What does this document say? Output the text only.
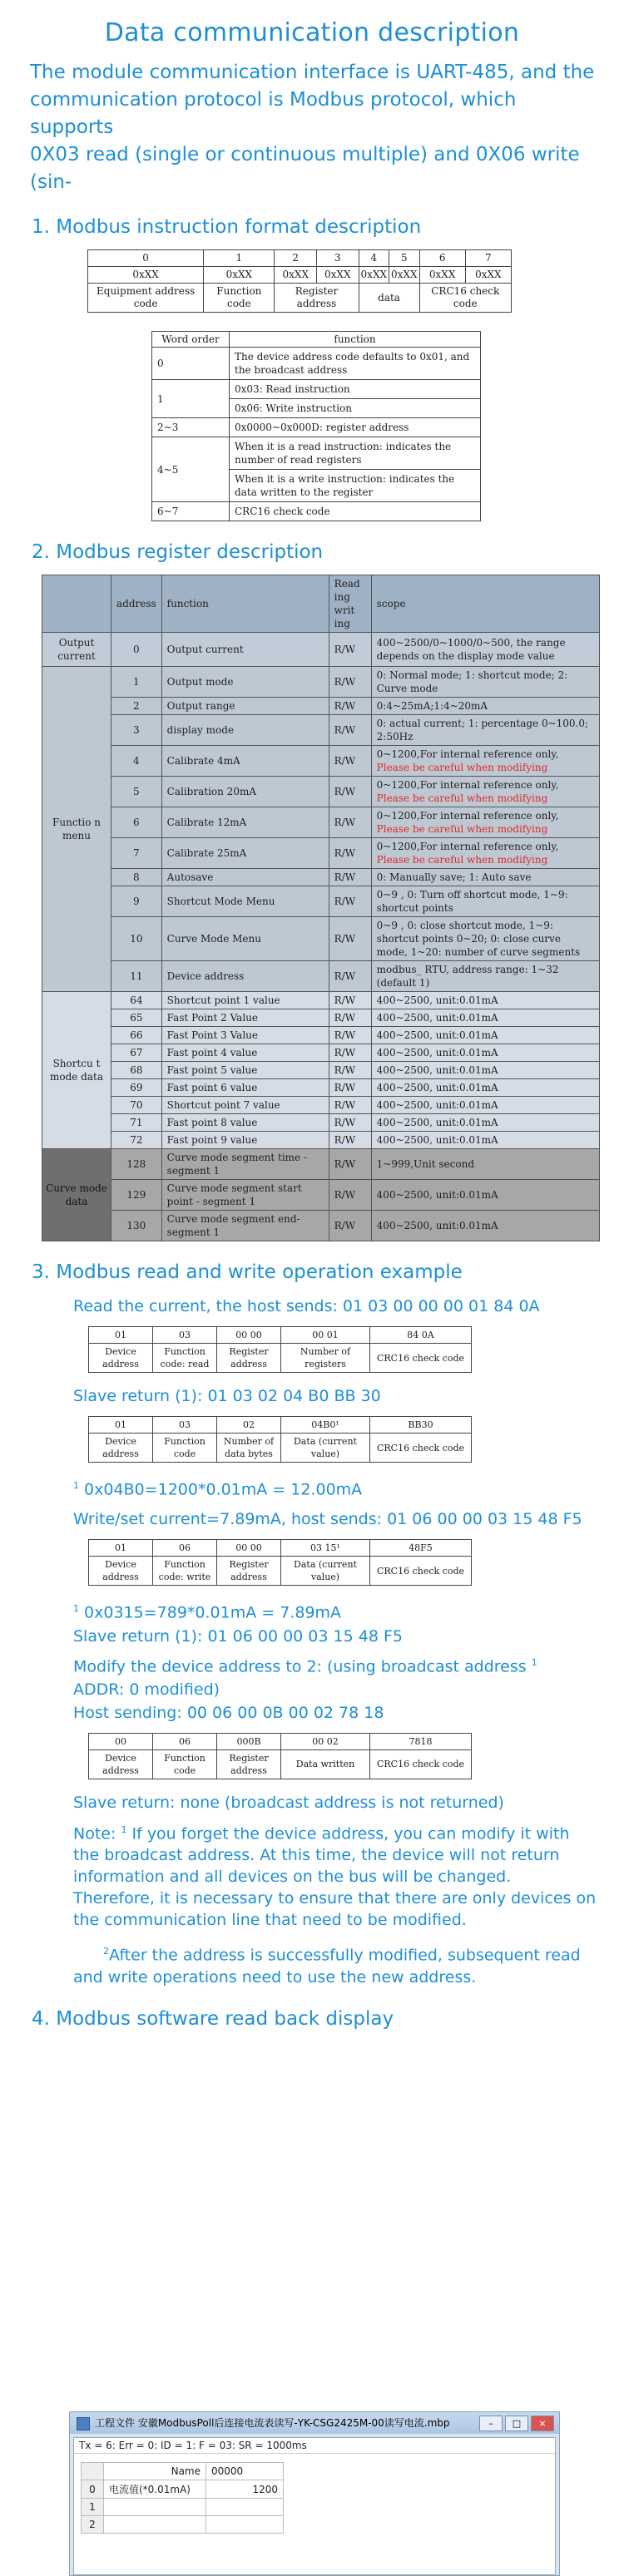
Data communication description
The module communication interface is UART-485, and the
communication protocol is Modbus protocol, which supports
0X03 read (single or continuous multiple) and 0X06 write (sin-
1. Modbus instruction format description
0	1	2	3	4	5	6	7
0xXX	0xXX	0xXX	0xXX	0xXX	0xXX	0xXX	0xXX
Equipment address code	Function code	Register address		data		CRC16 check code	
Word order	function
0	The device address code defaults to 0x01, and the broadcast address
1	0x03: Read instruction
	0x06: Write instruction
2~3	0x0000~0x000D: register address
4~5	When it is a read instruction: indicates the number of read registers
	When it is a write instruction: indicates the data written to the register
6~7	CRC16 check code
2. Modbus register description
	address	function	Read ing writ ing	scope
Output current	0	Output current	R/W	400~2500/0~1000/0~500, the range depends on the display mode value
Functio n menu	1	Output mode	R/W	0: Normal mode; 1: shortcut mode; 2: Curve mode
	2	Output range	R/W	0:4~25mA;1:4~20mA
	3	display mode	R/W	0: actual current; 1: percentage 0~100.0; 2:50Hz
	4	Calibrate 4mA	R/W	0~1200,For internal reference only,
Please be careful when modifying
	5	Calibration 20mA	R/W	0~1200,For internal reference only,
Please be careful when modifying
	6	Calibrate 12mA	R/W	0~1200,For internal reference only,
Please be careful when modifying
	7	Calibrate 25mA	R/W	0~1200,For internal reference only,
Please be careful when modifying
	8	Autosave	R/W	0: Manually save; 1: Auto save
	9	Shortcut Mode Menu	R/W	0~9 , 0: Turn off shortcut mode, 1~9: shortcut points
	10	Curve Mode Menu	R/W	0~9 , 0: close shortcut mode, 1~9: shortcut points 0~20; 0: close curve mode, 1~20: number of curve segments
	11	Device address	R/W	modbus_ RTU, address range: 1~32 (default 1)
Shortcu t mode data	64	Shortcut point 1 value	R/W	400~2500, unit:0.01mA
	65	Fast Point 2 Value	R/W	400~2500, unit:0.01mA
	66	Fast Point 3 Value	R/W	400~2500, unit:0.01mA
	67	Fast point 4 value	R/W	400~2500, unit:0.01mA
	68	Fast point 5 value	R/W	400~2500, unit:0.01mA
	69	Fast point 6 value	R/W	400~2500, unit:0.01mA
	70	Shortcut point 7 value	R/W	400~2500, unit:0.01mA
	71	Fast point 8 value	R/W	400~2500, unit:0.01mA
	72	Fast point 9 value	R/W	400~2500, unit:0.01mA
Curve mode data	128	Curve mode segment time - segment 1	R/W	1~999,Unit second
	129	Curve mode segment start point - segment 1	R/W	400~2500, unit:0.01mA
	130	Curve mode segment end-segment 1	R/W	400~2500, unit:0.01mA
3. Modbus read and write operation example
Read the current, the host sends: 01 03 00 00 00 01 84 0A
01	03	00 00	00 01	84 0A
Device address	Function code: read	Register address	Number of registers	CRC16 check code
Slave return (1): 01 03 02 04 B0 BB 30
01	03	02	04B0¹	BB30
Device address	Function code	Number of data bytes	Data (current value)	CRC16 check code
$^1$ 0x04B0=1200*0.01mA = 12.00mA
Write/set current=7.89mA, host sends: 01 06 00 00 03 15 48 F5
01	06	00 00	03 15¹	48F5
Device address	Function code: write	Register address	Data (current value)	CRC16 check code
$^1$ 0x0315=789*0.01mA = 7.89mA
Slave return (1): 01 06 00 00 03 15 48 F5
Modify the device address to 2: (using broadcast address $^1$
ADDR: 0 modified)
Host sending: 00 06 00 0B 00 02 78 18
00	06	000B	00 02	7818
Device address	Function code	Register address	Data written	CRC16 check code
Slave return: none (broadcast address is not returned)
Note: $^1$ If you forget the device address, you can modify it with the broadcast address. At this time, the device will not return information and all devices on the bus will be changed. Therefore, it is necessary to ensure that there are only devices on the communication line that need to be modified.
$^2$After the address is successfully modified, subsequent read and write operations need to use the new address.
4. Modbus software read back display
工程文件 安徽ModbusPoll后连接电流表读写-YK-CSG2425M-00读写电流.mbp	–	□	×
Tx = 6: Err = 0: ID = 1: F = 03: SR = 1000ms
	Name	00000
0	电流值(*0.01mA)	1200
1		
2		
